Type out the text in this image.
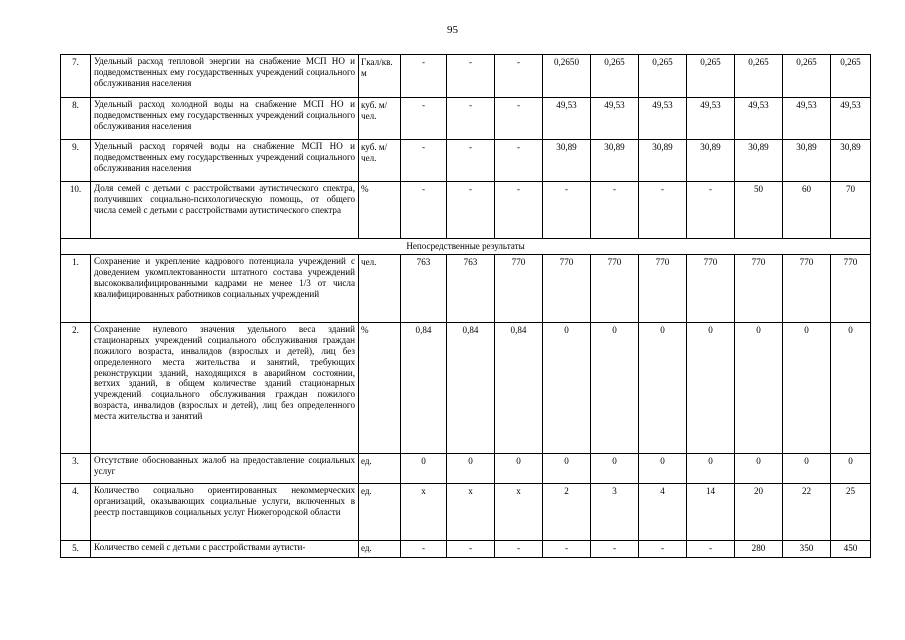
95
7.	Удельный расход тепловой энергии на снабжение МСП НО и подведомственных ему государственных учреждений социального обслуживания населения	Гкал/кв. м	-	-	-	0,2650	0,265	0,265	0,265	0,265	0,265	0,265
8.	Удельный расход холодной воды на снабжение МСП НО и подведомственных ему государственных учреждений социального обслуживания населения	куб. м/чел.	-	-	-	49,53	49,53	49,53	49,53	49,53	49,53	49,53
9.	Удельный расход горячей воды на снабжение МСП НО и подведомственных ему государственных учреждений социального обслуживания населения	куб. м/чел.	-	-	-	30,89	30,89	30,89	30,89	30,89	30,89	30,89
10.	Доля семей с детьми с расстройствами аутистического спектра, получивших социально-психологическую помощь, от общего числа семей с детьми с расстройствами аутистического спектра	%	-	-	-	-	-	-	-	50	60	70
Непосредственные результаты												
1.	Сохранение и укрепление кадрового потенциала учреждений с доведением укомплектованности штатного состава учреждений высококвалифицированными кадрами не менее 1/3 от числа квалифицированных работников социальных учреждений	чел.	763	763	770	770	770	770	770	770	770	770
2.	Сохранение нулевого значения удельного веса зданий стационарных учреждений социального обслуживания граждан пожилого возраста, инвалидов (взрослых и детей), лиц без определенного места жительства и занятий, требующих реконструкции зданий, находящихся в аварийном состоянии, ветхих зданий, в общем количестве зданий стационарных учреждений социального обслуживания граждан пожилого возраста, инвалидов (взрослых и детей), лиц без определенного места жительства и занятий	%	0,84	0,84	0,84	0	0	0	0	0	0	0
3.	Отсутствие обоснованных жалоб на предоставление социальных услуг	ед.	0	0	0	0	0	0	0	0	0	0
4.	Количество социально ориентированных некоммерческих организаций, оказывающих социальные услуги, включенных в реестр поставщиков социальных услуг Нижегородской области	ед.	х	х	х	2	3	4	14	20	22	25
5.	Количество семей с детьми с расстройствами аутисти-	ед.	-	-	-	-	-	-	-	280	350	450
